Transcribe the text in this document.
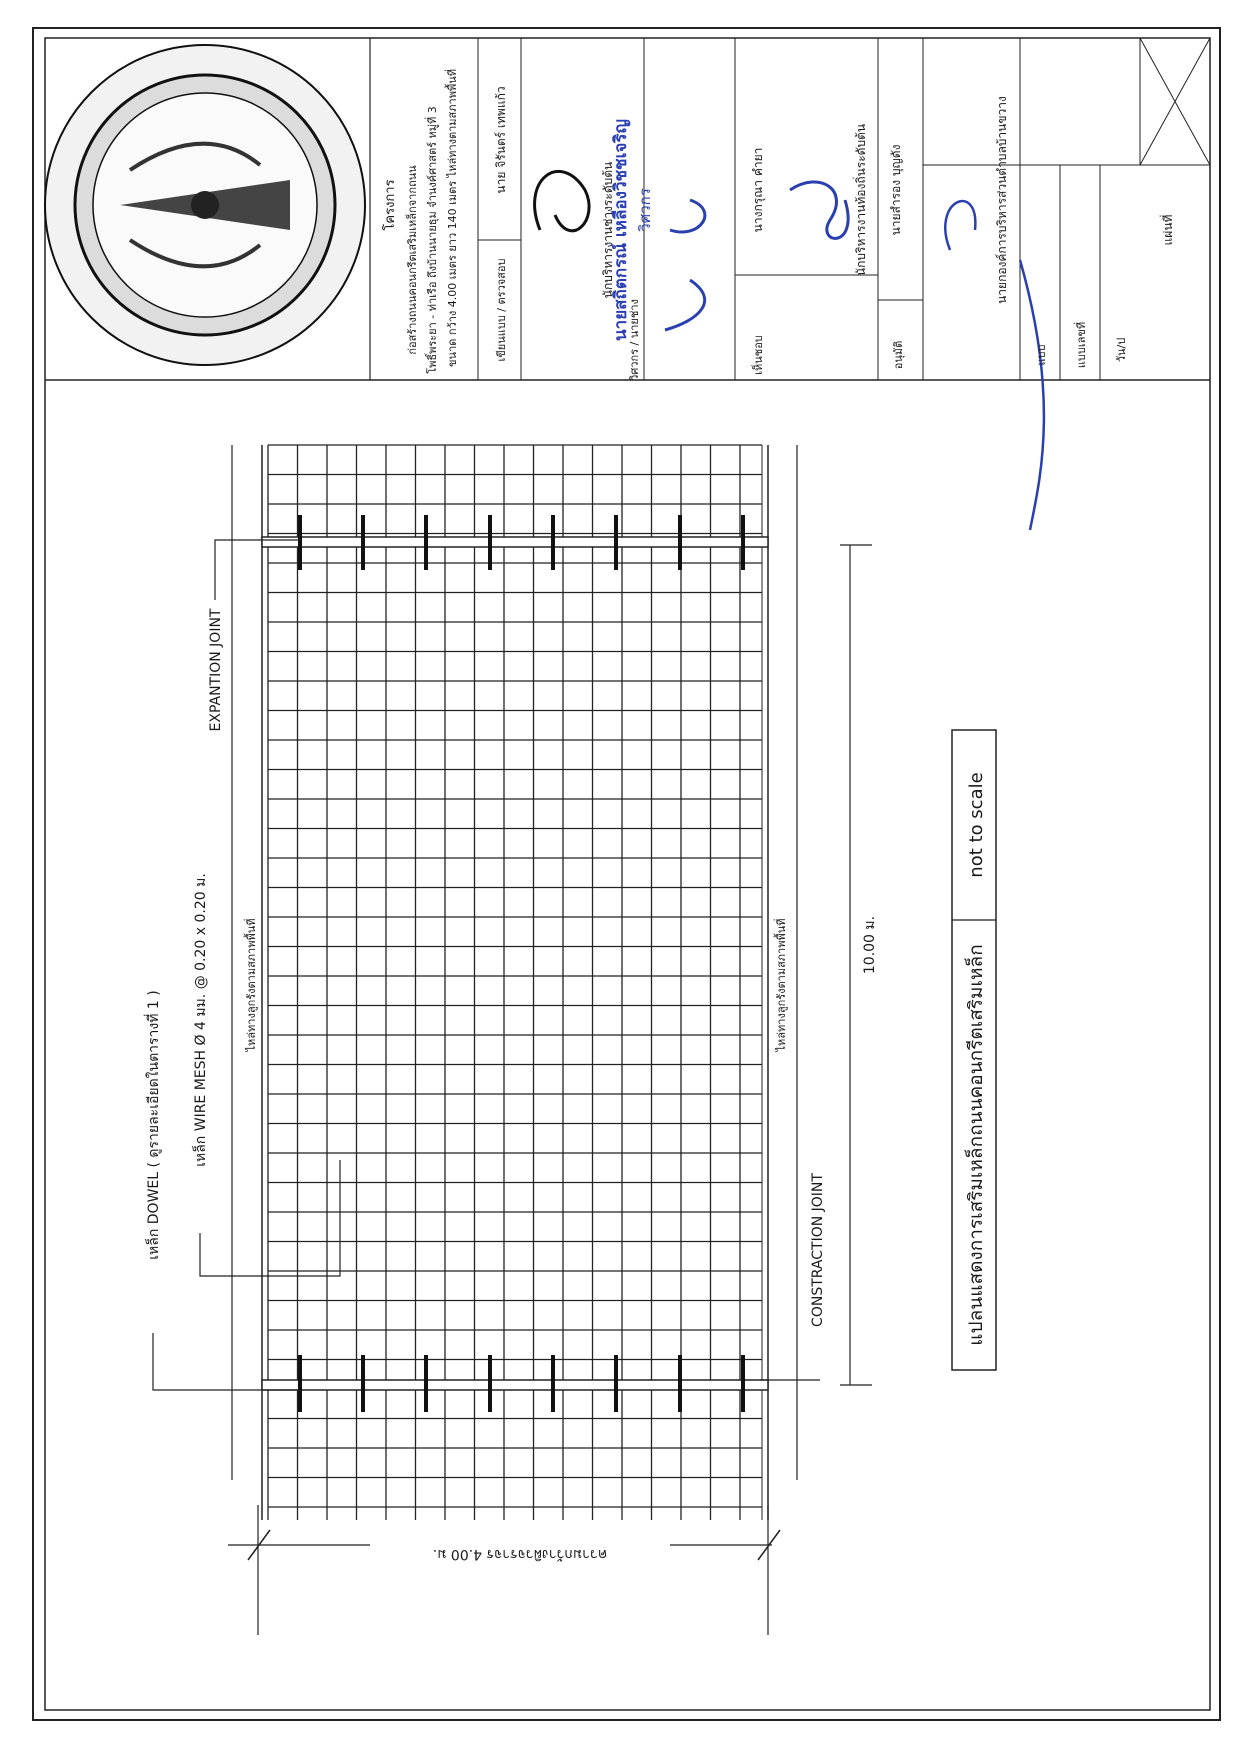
โครงการ ก่อสร้างถนนคอนกรีตเสริมเหล็กจากถนน โพธิ์พระยา - ท่าเรือ ถึงบ้านนายธุม จำนงค์ศาสตร์ หมู่ที่ 3 ขนาด กว้าง 4.00 เมตร ยาว 140 เมตร ไหล่ทางตามสภาพพื้นที่	เขียนแบบ / ตรวจสอบ
นาย จิรันตร์ เทพแก้ว
นักบริหารงานช่างระดับต้น
นายสถิตกรณ์ เหลืองวิชชเจริญ วิศวกร
วิศวกร / นายช่าง	เห็นชอบ
นางกรุณา คำยา	นักบริหารงานท้องถิ่นระดับต้น
อนุมัติ
นายสำรอง บุญดัง	นายกองค์การบริหารส่วนตำบลบ้านขวาง
แบบ แบบเลขที่ วัน/ป
แผ่นที่
เหล็ก DOWEL ( ดูรายละเอียดในตารางที่ 1 ) เหล็ก WIRE MESH Ø 4 มม. @ 0.20 x 0.20 ม.
EXPANTION JOINT
ไหล่ทางลูกรังตามสภาพพื้นที่	ไหล่ทางลูกรังตามสภาพพื้นที่
CONSTRACTION JOINT
10.00 ม.
ความกว้างผิวจราจร 4.00 ม.
แปลนแสดงการเสริมเหล็กถนนคอนกรีตเสริมเหล็ก
not to scale
